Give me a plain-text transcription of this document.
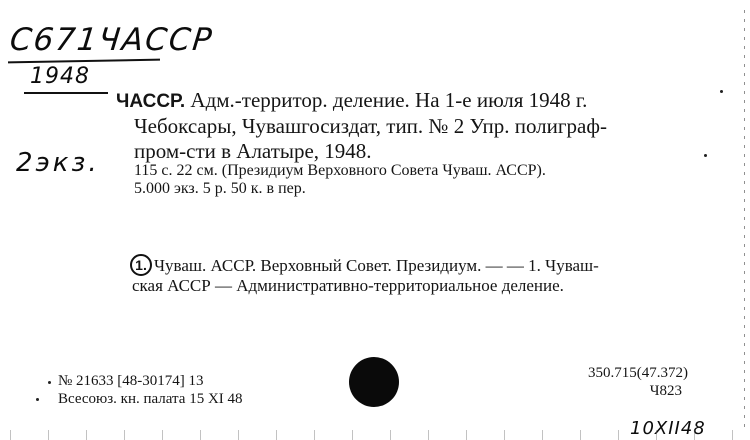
C671ЧАССР
1948
2экз.
ЧАССР. Адм.-территор. деление. На 1-е июля 1948 г.
Чебоксары, Чувашгосиздат, тип. № 2 Упр. полиграф-
пром-сти в Алатыре, 1948.
115 с. 22 см. (Президиум Верховного Совета Чуваш. АССР).
5.000 экз. 5 р. 50 к. в пер.
1. Чуваш. АССР. Верховный Совет. Президиум. — — 1. Чуваш-
ская АССР — Административно-территориальное деление.
№ 21633 [48-30174] 13
Всесоюз. кн. палата 15 XI 48
350.715(47.372)
Ч823
10ХII48
